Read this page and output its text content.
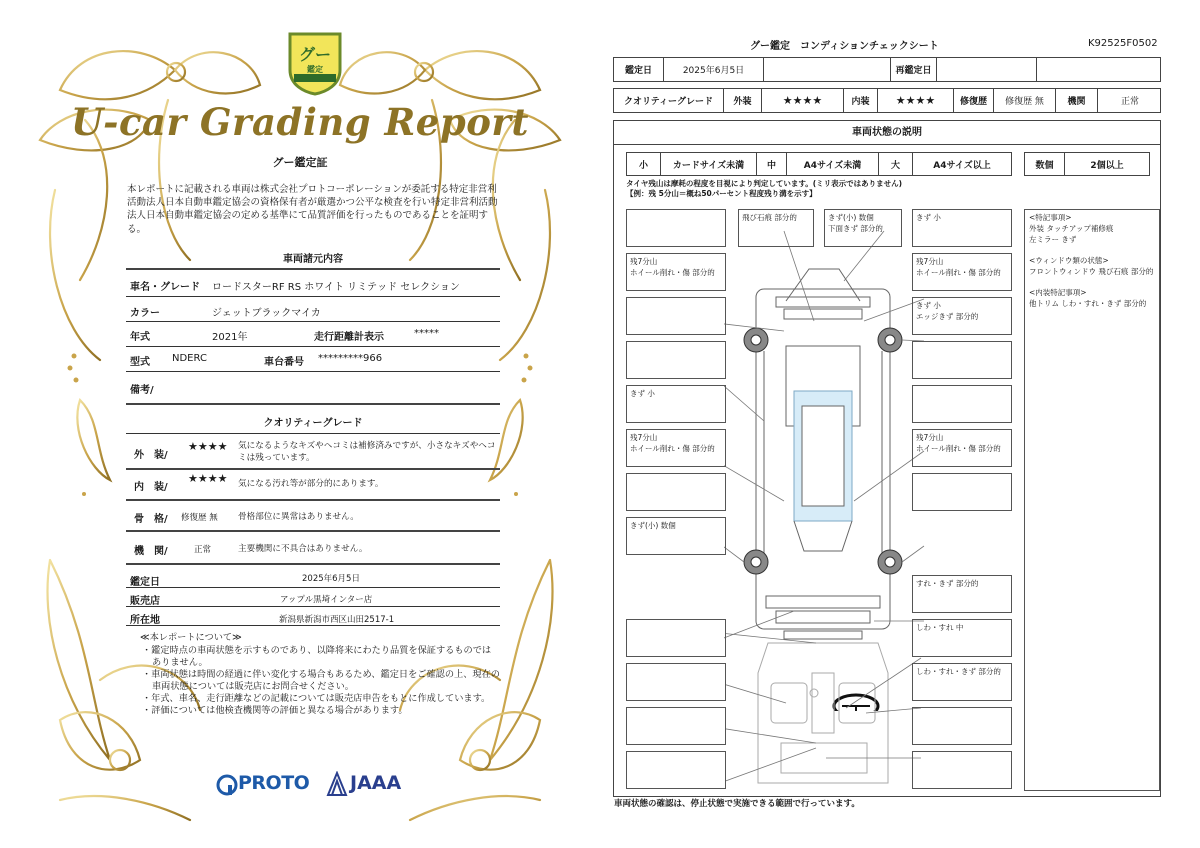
グー
鑑定
U-car Grading Report
グー鑑定証
本レポートに記載される車両は株式会社プロトコーポレーションが委託する特定非営利活動法人日本自動車鑑定協会の資格保有者が厳選かつ公平な検査を行い特定非営利活動法人日本自動車鑑定協会の定める基準にて品質評価を行ったものであることを証明する。
車両諸元内容
車名・グレード ロードスターRF RS ホワイト リミテッド セレクション
カラー	ジェットブラックマイカ
年式	2021年	走行距離計表示	*****
型式 NDERC	車台番号 *********966
備考/
クオリティーグレード
外　装/
★★★★ 気になるようなキズやヘコミは補修済みですが、小さなキズやヘコミは残っています。
内　装/
★★★★ 気になる汚れ等が部分的にあります。
骨　格/ 修復歴 無 骨格部位に異常はありません。
機　関/	正常	主要機関に不具合はありません。
鑑定日	2025年6月5日
販売店	アップル黒埼インター店
所在地	新潟県新潟市西区山田2517-1
≪本レポートについて≫
・鑑定時点の車両状態を示すものであり、以降将来にわたり品質を保証するものではありません。
・車両状態は時間の経過に伴い変化する場合もあるため、鑑定日をご確認の上、現在の車両状態については販売店にお問合せください。
・年式、車名、走行距離などの記載については販売店申告をもとに作成しています。
・評価については他検査機関等の評価と異なる場合があります。
PROTO JAAA
グー鑑定　コンディションチェックシート	K92525F0502
鑑定日	2025年6月5日	再鑑定日
クオリティーグレード	外装	★★★★	内装	★★★★	修復歴	修復歴 無	機関	正常
車両状態の説明
小	カードサイズ未満	中	A4サイズ未満	大	A4サイズ以上	数個	2個以上
タイヤ残山は摩耗の程度を目視により判定しています。(ミリ表示ではありません)
【例：残 5分山＝概ね50パーセント程度残り溝を示す】
残7分山
ホイール削れ・傷 部分的
きず 小
残7分山
ホイール削れ・傷 部分的
きず(小) 数個
飛び石痕 部分的	きず(小) 数個
下面きず 部分的
きず 小
残7分山
ホイール削れ・傷 部分的
きず 小
エッジきず 部分的
残7分山
ホイール削れ・傷 部分的
すれ・きず 部分的
しわ・すれ 中
しわ・すれ・きず 部分的
<特記事項>
外装 タッチアップ補修痕
左ミラー きず
<ウィンドウ類の状態>
フロントウィンドウ 飛び石痕 部分的
<内装特記事項>
他トリム しわ・すれ・きず 部分的
車両状態の確認は、停止状態で実施できる範囲で行っています。
